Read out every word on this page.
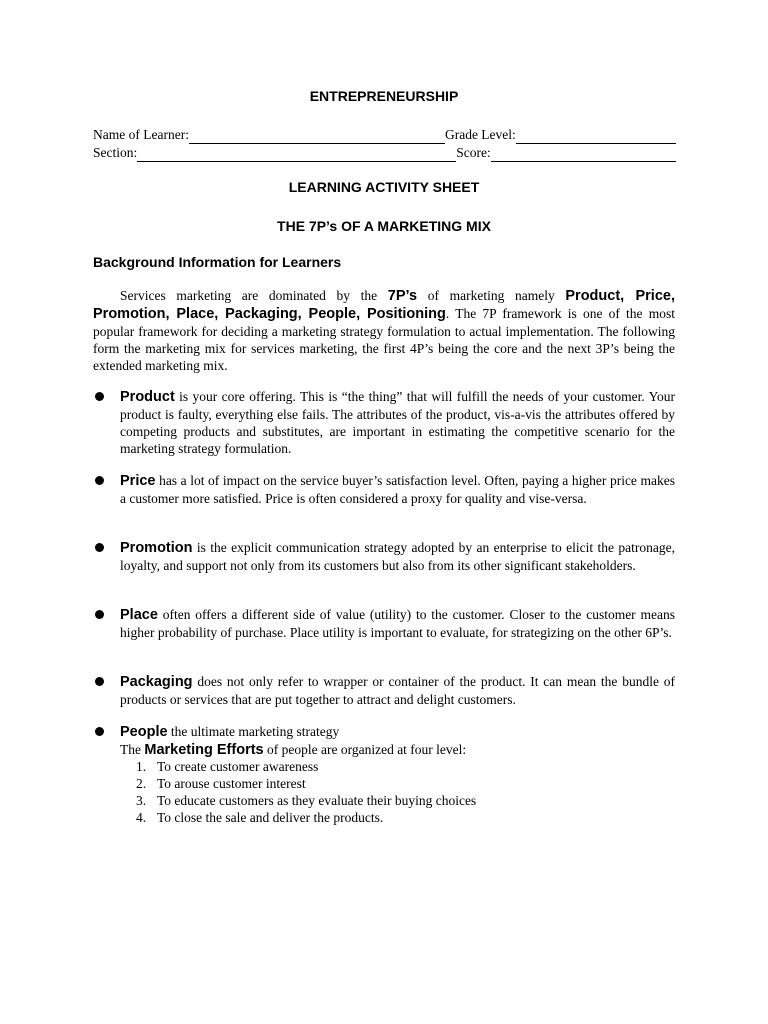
ENTREPRENEURSHIP
Name of Learner:	Grade Level:
Section:	Score:
LEARNING ACTIVITY SHEET
THE 7P’s OF A MARKETING MIX
Background Information for Learners
Services marketing are dominated by the 7P’s of marketing namely Product, Price, Promotion, Place, Packaging, People, Positioning. The 7P framework is one of the most popular framework for deciding a marketing strategy formulation to actual implementation. The following form the marketing mix for services marketing, the first 4P’s being the core and the next 3P’s being the extended marketing mix.
Product is your core offering. This is “the thing” that will fulfill the needs of your customer. Your product is faulty, everything else fails. The attributes of the product, vis-a-vis the attributes offered by competing products and substitutes, are important in estimating the competitive scenario for the marketing strategy formulation.
Price has a lot of impact on the service buyer’s satisfaction level. Often, paying a higher price makes a customer more satisfied. Price is often considered a proxy for quality and vise-versa.
Promotion is the explicit communication strategy adopted by an enterprise to elicit the patronage, loyalty, and support not only from its customers but also from its other significant stakeholders.
Place often offers a different side of value (utility) to the customer. Closer to the customer means higher probability of purchase. Place utility is important to evaluate, for strategizing on the other 6P’s.
Packaging does not only refer to wrapper or container of the product. It can mean the bundle of products or services that are put together to attract and delight customers.
People the ultimate marketing strategy
The Marketing Efforts of people are organized at four level:
1. To create customer awareness
2. To arouse customer interest
3. To educate customers as they evaluate their buying choices
4. To close the sale and deliver the products.
